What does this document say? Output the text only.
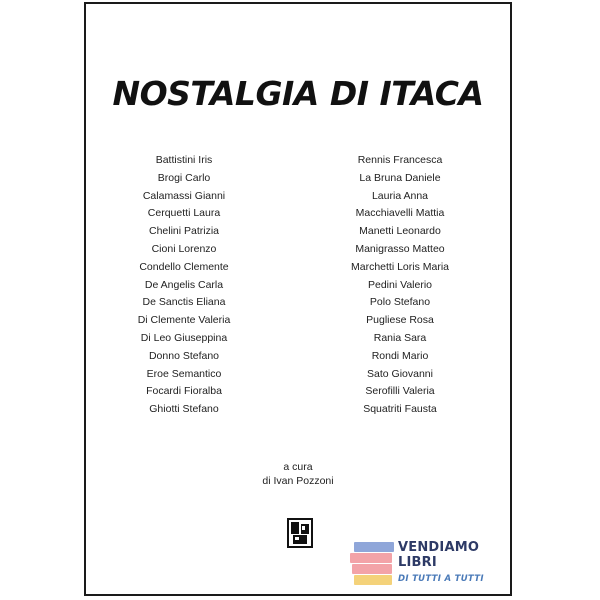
NOSTALGIA DI ITACA
Battistini Iris
Brogi Carlo
Calamassi Gianni
Cerquetti Laura
Chelini Patrizia
Cioni Lorenzo
Condello Clemente
De Angelis Carla
De Sanctis Eliana
Di Clemente Valeria
Di Leo Giuseppina
Donno Stefano
Eroe Semantico
Focardi Fioralba
Ghiotti Stefano
Rennis Francesca
La Bruna Daniele
Lauria Anna
Macchiavelli Mattia
Manetti Leonardo
Manigrasso Matteo
Marchetti Loris Maria
Pedini Valerio
Polo Stefano
Pugliese Rosa
Rania Sara
Rondi Mario
Sato Giovanni
Serofilli Valeria
Squatriti Fausta
a cura
di Ivan Pozzoni
VENDIAMO
LIBRI
DI TUTTI A TUTTI
